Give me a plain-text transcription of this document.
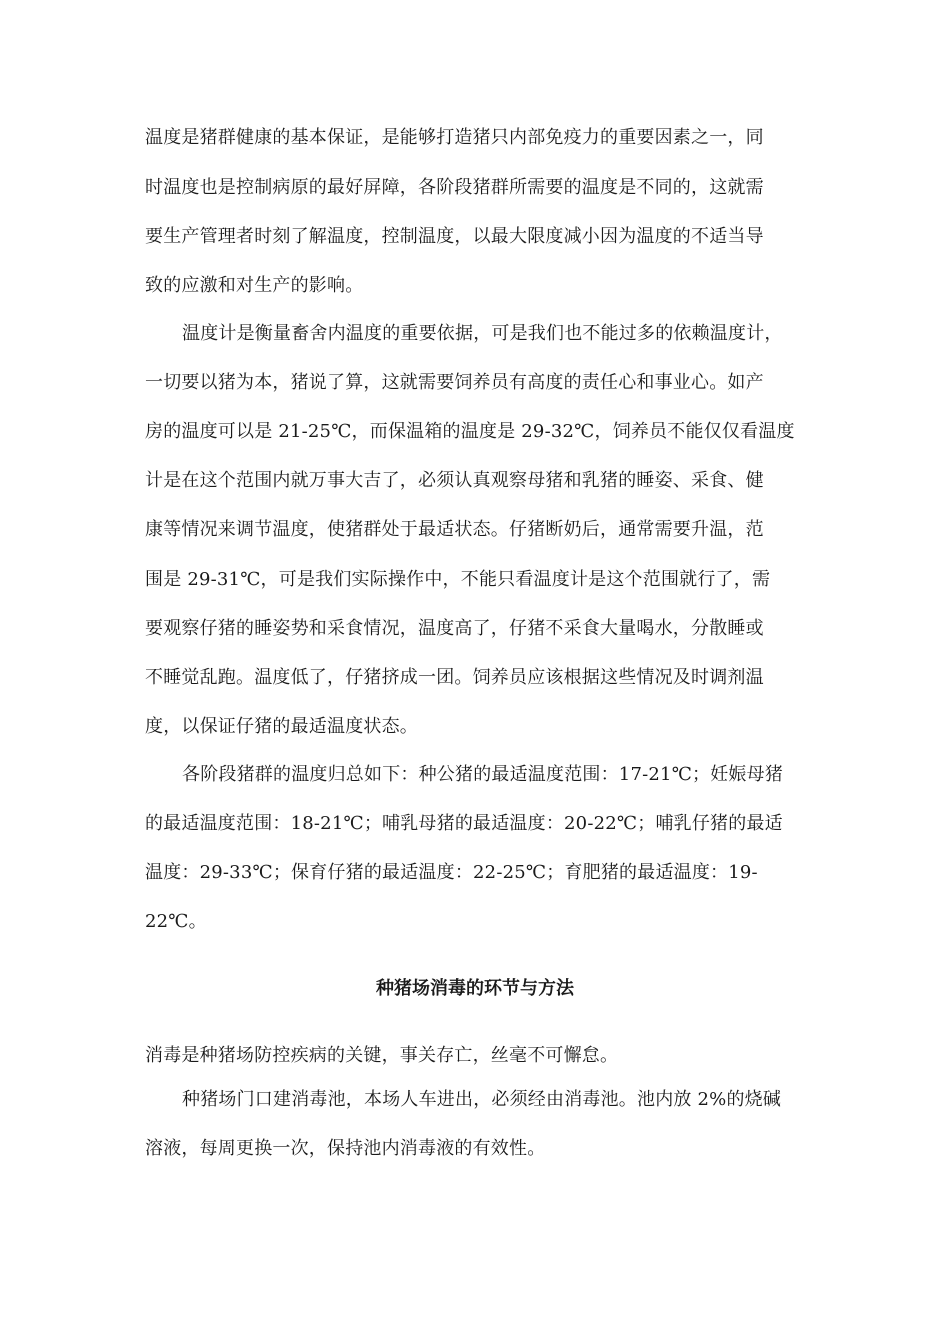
温度是猪群健康的基本保证，是能够打造猪只内部免疫力的重要因素之一，同
时温度也是控制病原的最好屏障，各阶段猪群所需要的温度是不同的，这就需
要生产管理者时刻了解温度，控制温度，以最大限度减小因为温度的不适当导
致的应激和对生产的影响。
温度计是衡量畜舍内温度的重要依据，可是我们也不能过多的依赖温度计，
一切要以猪为本，猪说了算，这就需要饲养员有高度的责任心和事业心。如产
房的温度可以是 21-25℃，而保温箱的温度是 29-32℃，饲养员不能仅仅看温度
计是在这个范围内就万事大吉了，必须认真观察母猪和乳猪的睡姿、采食、健
康等情况来调节温度，使猪群处于最适状态。仔猪断奶后，通常需要升温，范
围是 29-31℃，可是我们实际操作中，不能只看温度计是这个范围就行了，需
要观察仔猪的睡姿势和采食情况，温度高了，仔猪不采食大量喝水，分散睡或
不睡觉乱跑。温度低了，仔猪挤成一团。饲养员应该根据这些情况及时调剂温
度，以保证仔猪的最适温度状态。
各阶段猪群的温度归总如下：种公猪的最适温度范围：17-21℃；妊娠母猪
的最适温度范围：18-21℃；哺乳母猪的最适温度：20-22℃；哺乳仔猪的最适
温度：29-33℃；保育仔猪的最适温度：22-25℃；育肥猪的最适温度：19-
22℃。
种猪场消毒的环节与方法
消毒是种猪场防控疾病的关键，事关存亡，丝毫不可懈怠。
种猪场门口建消毒池，本场人车进出，必须经由消毒池。池内放 2%的烧碱
溶液，每周更换一次，保持池内消毒液的有效性。
